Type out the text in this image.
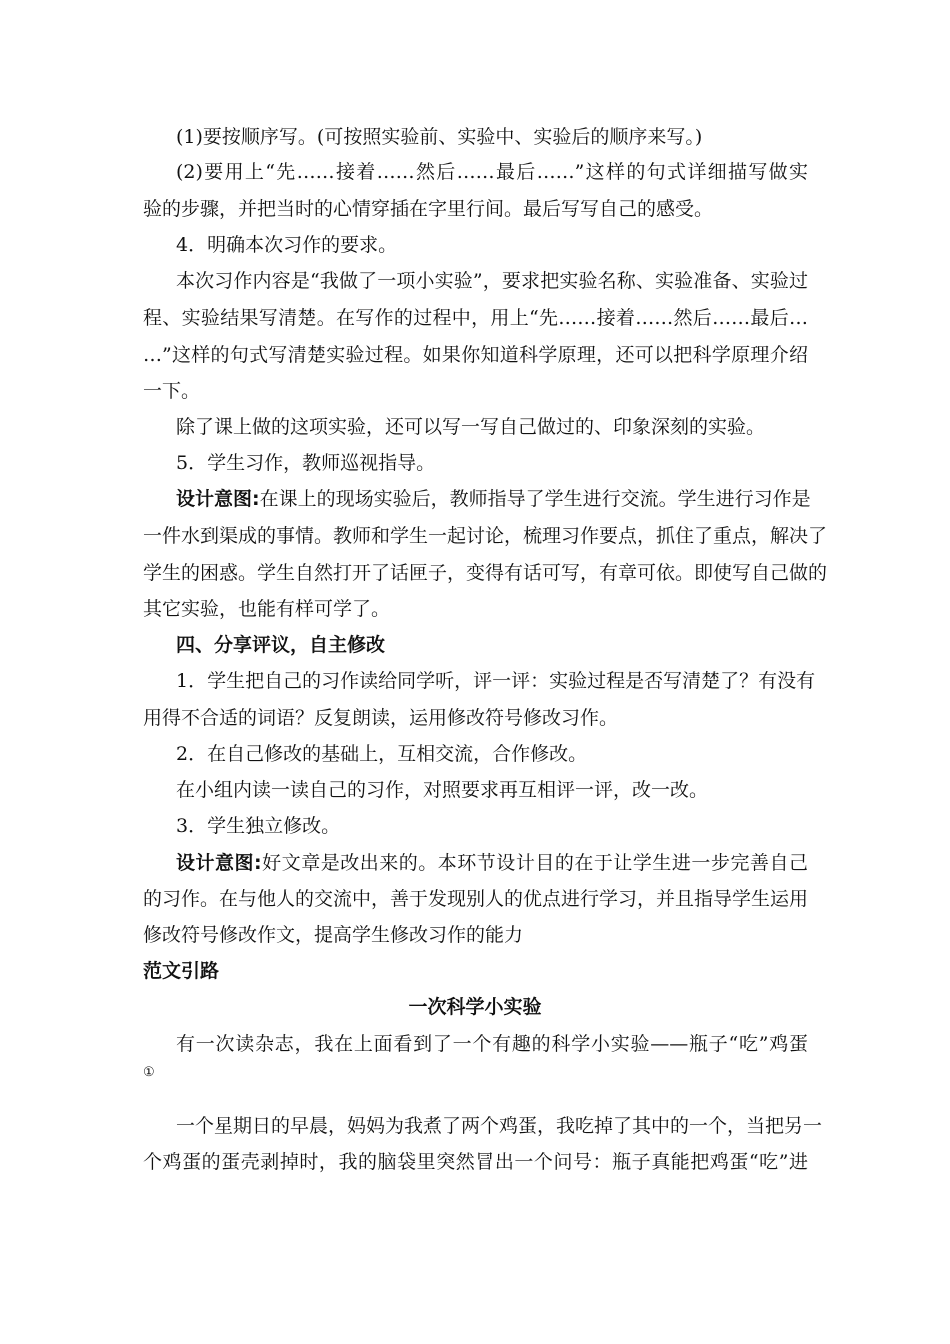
(1)要按顺序写。(可按照实验前、实验中、实验后的顺序来写。)
(2)要用上“先……接着……然后……最后……”这样的句式详细描写做实
验的步骤，并把当时的心情穿插在字里行间。最后写写自己的感受。
4．明确本次习作的要求。
本次习作内容是“我做了一项小实验”，要求把实验名称、实验准备、实验过
程、实验结果写清楚。在写作的过程中，用上“先……接着……然后……最后…
…”这样的句式写清楚实验过程。如果你知道科学原理，还可以把科学原理介绍
一下。
除了课上做的这项实验，还可以写一写自己做过的、印象深刻的实验。
5．学生习作，教师巡视指导。
设计意图:在课上的现场实验后，教师指导了学生进行交流。学生进行习作是
一件水到渠成的事情。教师和学生一起讨论，梳理习作要点，抓住了重点，解决了
学生的困惑。学生自然打开了话匣子，变得有话可写，有章可依。即使写自己做的
其它实验，也能有样可学了。
四、分享评议，自主修改
1．学生把自己的习作读给同学听，评一评：实验过程是否写清楚了？有没有
用得不合适的词语？反复朗读，运用修改符号修改习作。
2．在自己修改的基础上，互相交流，合作修改。
在小组内读一读自己的习作，对照要求再互相评一评，改一改。
3．学生独立修改。
设计意图:好文章是改出来的。本环节设计目的在于让学生进一步完善自己
的习作。在与他人的交流中，善于发现别人的优点进行学习，并且指导学生运用
修改符号修改作文，提高学生修改习作的能力
范文引路
一次科学小实验
有一次读杂志，我在上面看到了一个有趣的科学小实验——瓶子“吃”鸡蛋
①
一个星期日的早晨，妈妈为我煮了两个鸡蛋，我吃掉了其中的一个，当把另一
个鸡蛋的蛋壳剥掉时，我的脑袋里突然冒出一个问号：瓶子真能把鸡蛋“吃”进
